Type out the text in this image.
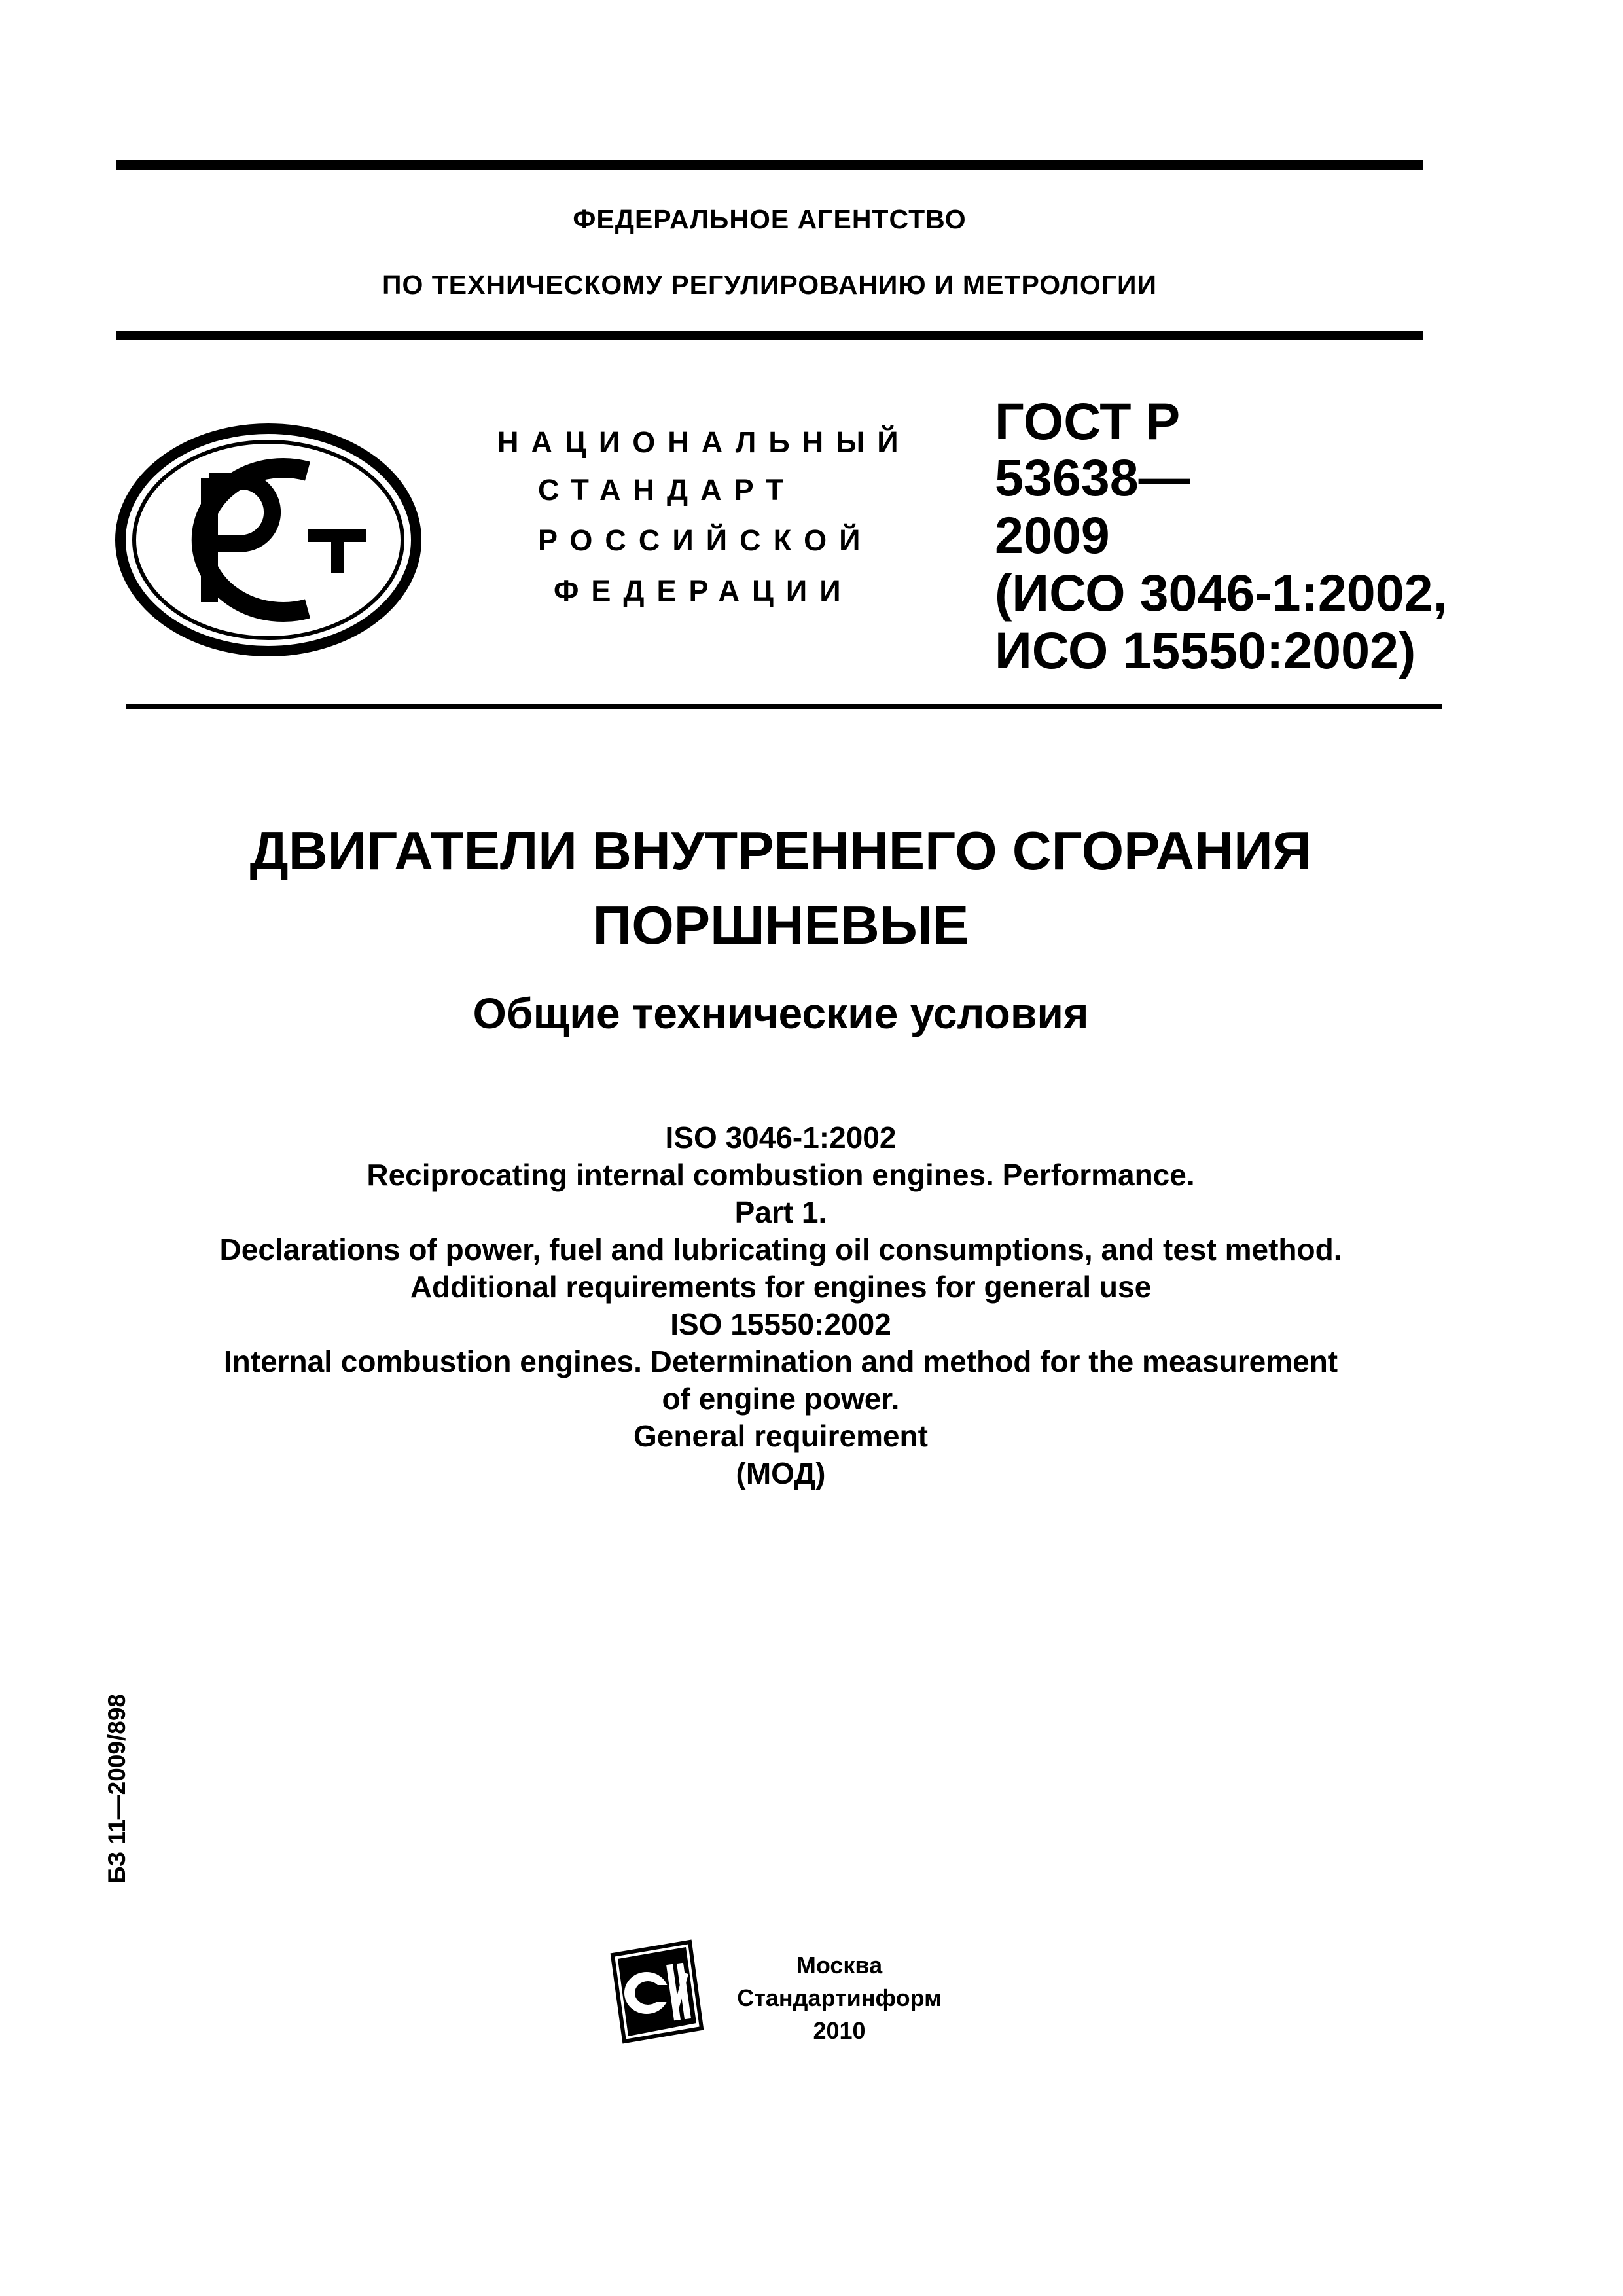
ФЕДЕРАЛЬНОЕ АГЕНТСТВО
ПО ТЕХНИЧЕСКОМУ РЕГУЛИРОВАНИЮ И МЕТРОЛОГИИ
НАЦИОНАЛЬНЫЙ
СТАНДАРТ
РОССИЙСКОЙ
ФЕДЕРАЦИИ
ГОСТ Р
53638—
2009
(ИСО 3046-1:2002,
ИСО 15550:2002)
ДВИГАТЕЛИ ВНУТРЕННЕГО СГОРАНИЯ
ПОРШНЕВЫЕ
Общие технические условия
ISO 3046-1:2002
Reciprocating internal combustion engines. Performance.
Part 1.
Declarations of power, fuel and lubricating oil consumptions, and test method.
Additional requirements for engines for general use
ISO 15550:2002
Internal combustion engines. Determination and method for the measurement
of engine power.
General requirement
(МОД)
БЗ 11—2009/898
Москва
Стандартинформ
2010
